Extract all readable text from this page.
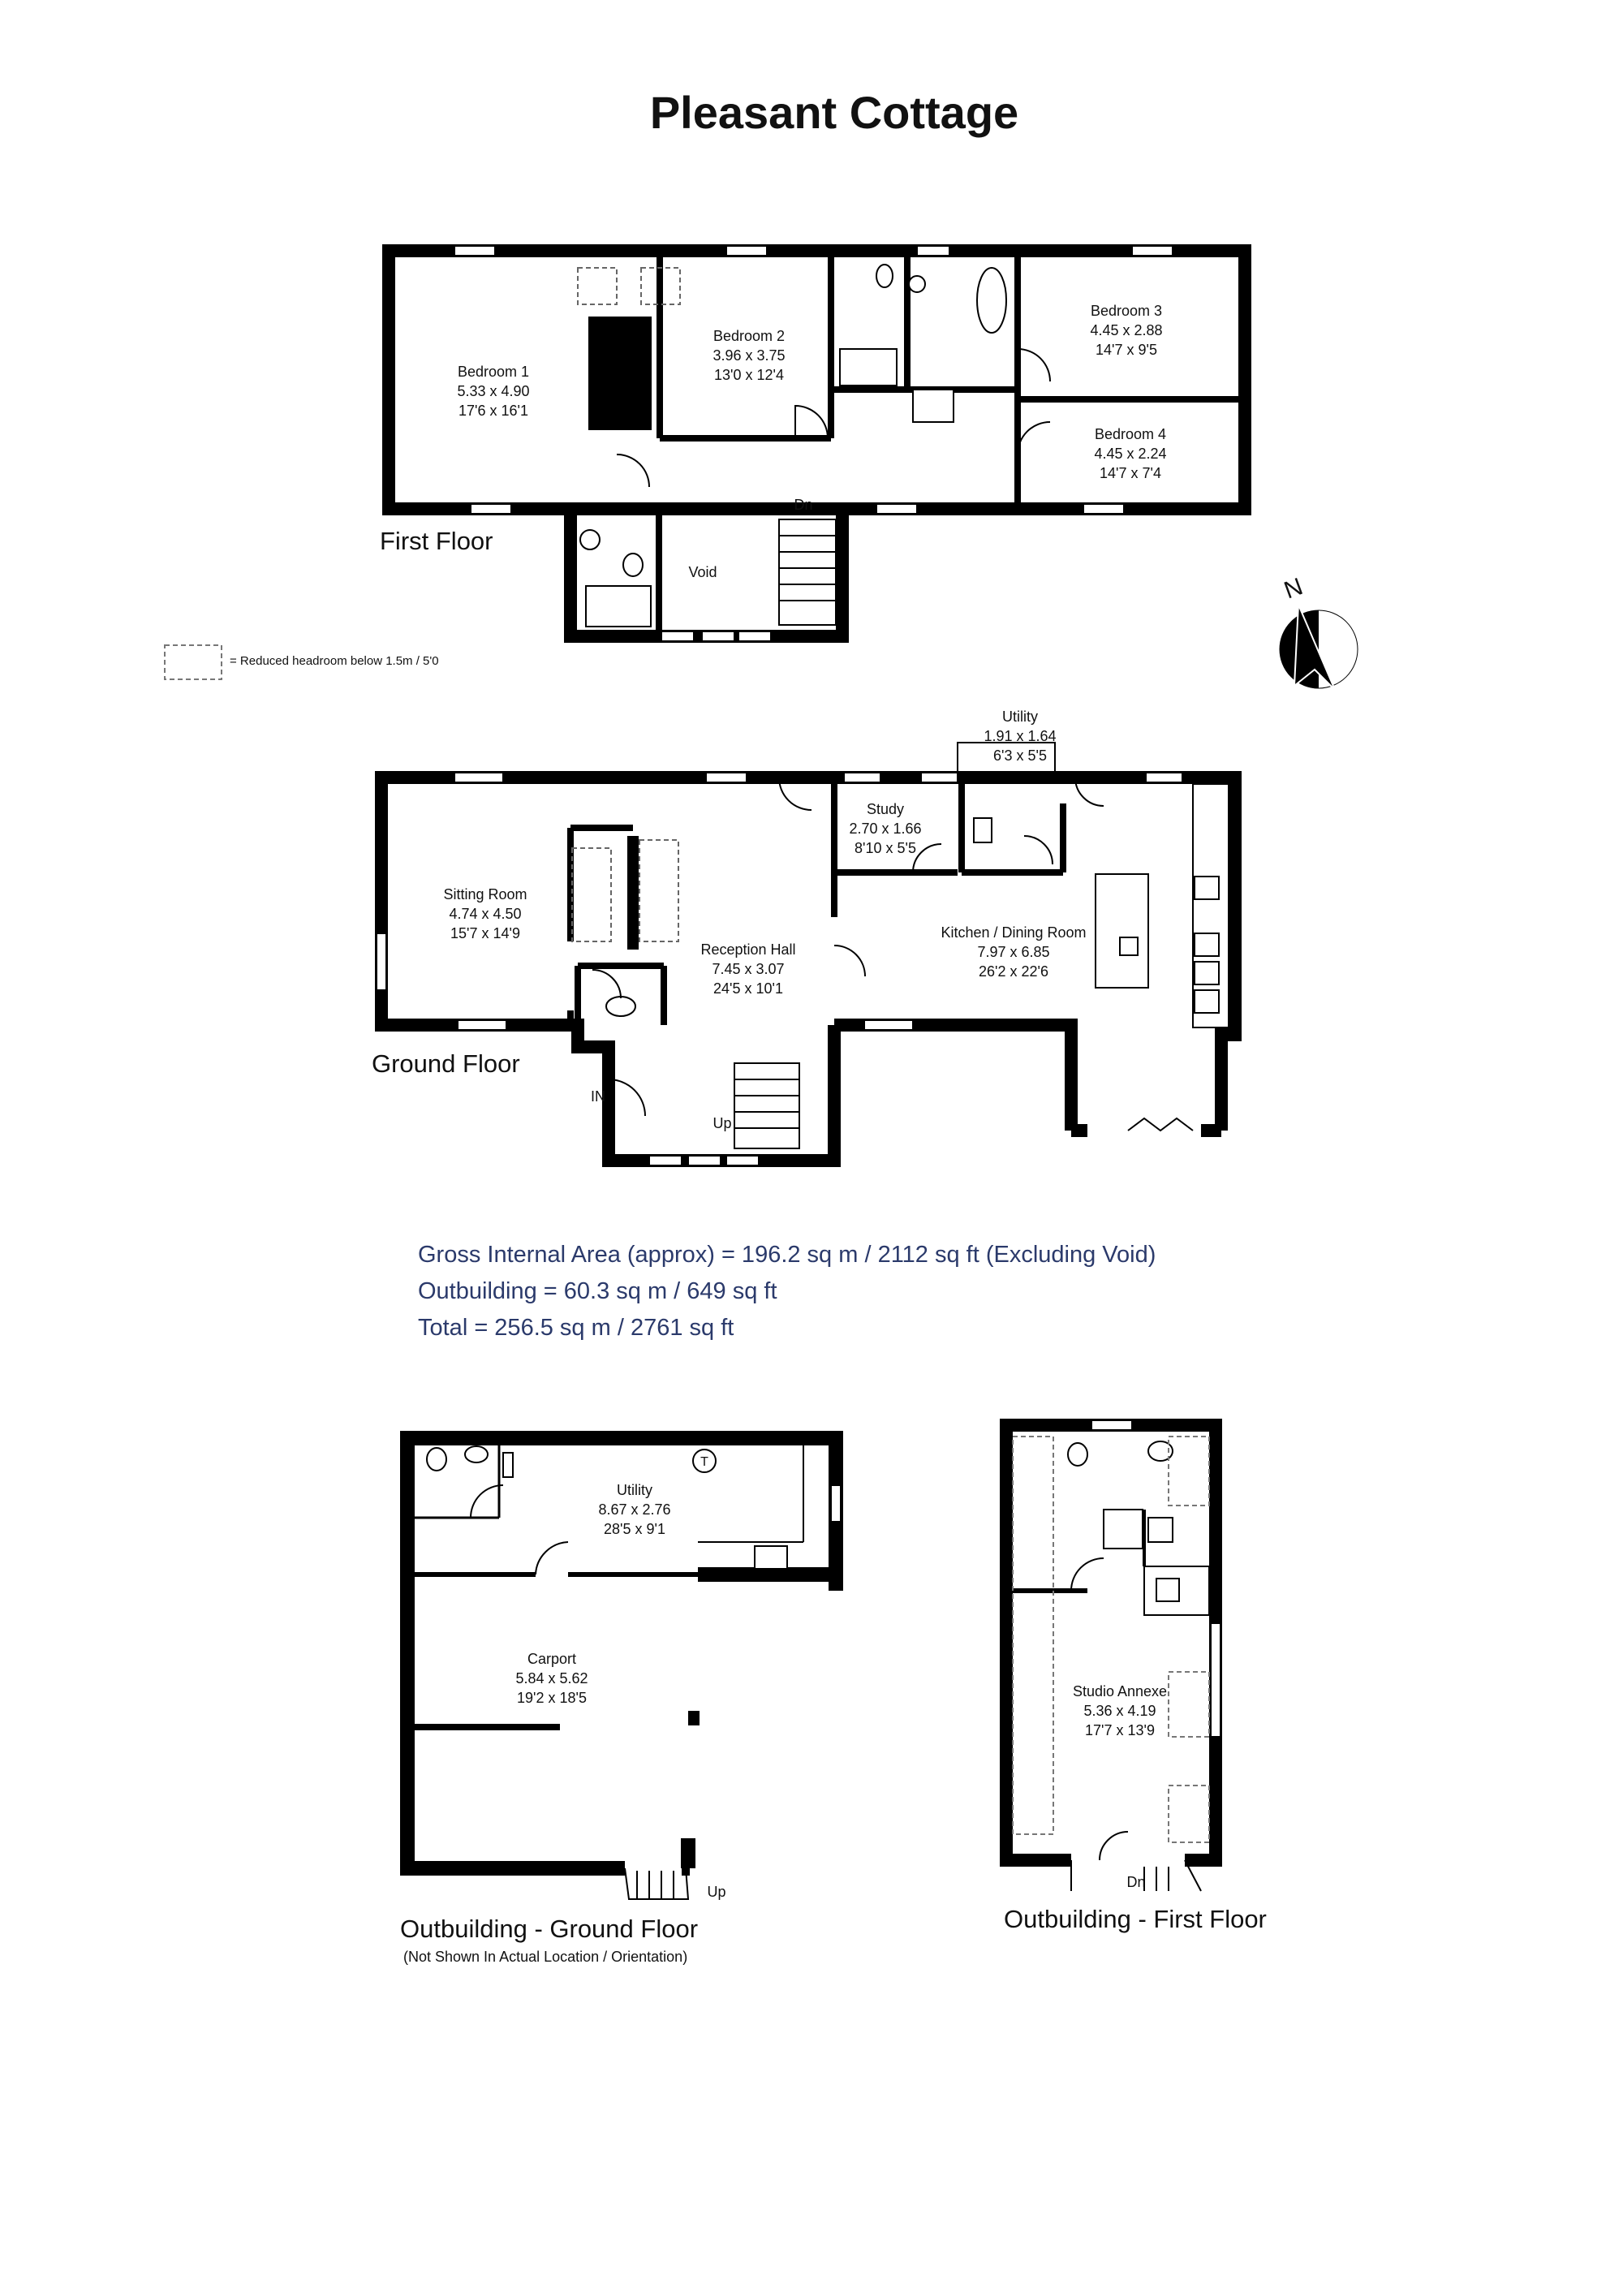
Pleasant Cottage
Bedroom 1
5.33 x 4.90
17'6 x 16'1
Bedroom 2
3.96 x 3.75
13'0 x 12'4
Bedroom 3
4.45 x 2.88
14'7 x 9'5
Bedroom 4
4.45 x 2.24
14'7 x 7'4
Void
Dn
First Floor
= Reduced headroom below 1.5m / 5'0
N
Sitting Room
4.74 x 4.50
15'7 x 14'9
Reception Hall
7.45 x 3.07
24'5 x 10'1
Study
2.70 x 1.66
8'10 x 5'5
Utility
1.91 x 1.64
6'3 x 5'5
Kitchen / Dining Room
7.97 x 6.85
26'2 x 22'6
IN
Up
Ground Floor
Gross Internal Area (approx) = 196.2 sq m / 2112 sq ft (Excluding Void)
Outbuilding = 60.3 sq m / 649 sq ft
Total = 256.5 sq m / 2761 sq ft
T
Utility
8.67 x 2.76
28'5 x 9'1
Carport
5.84 x 5.62
19'2 x 18'5
Up
Outbuilding - Ground Floor
(Not Shown In Actual Location / Orientation)
Studio Annexe
5.36 x 4.19
17'7 x 13'9
Dn
Outbuilding - First Floor
